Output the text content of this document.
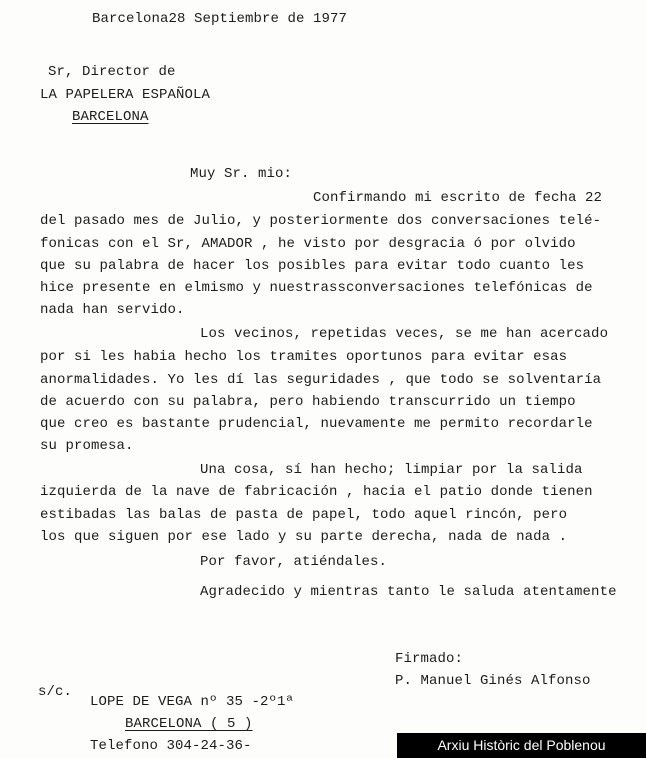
Barcelona28 Septiembre de 1977
Sr, Director de
LA PAPELERA ESPAÑOLA
BARCELONA
Muy Sr. mio:
Confirmando mi escrito de fecha 22
del pasado mes de Julio, y posteriormente dos conversaciones telé-
fonicas con el Sr, AMADOR , he visto por desgracia ó por olvido
que su palabra de hacer los posibles para evitar todo cuanto les
hice presente en elmismo y nuestrassconversaciones telefónicas de
nada han servido.
Los vecinos, repetidas veces, se me han acercado
por si les habia hecho los tramites oportunos para evitar esas
anormalidades. Yo les dí las seguridades , que todo se solventaría
de acuerdo con su palabra, pero habiendo transcurrido un tiempo
que creo es bastante prudencial, nuevamente me permito recordarle
su promesa.
Una cosa, sí han hecho; limpiar por la salida
izquierda de la nave de fabricación , hacia el patio donde tienen
estibadas las balas de pasta de papel, todo aquel rincón, pero
los que siguen por ese lado y su parte derecha, nada de nada .
Por favor, atiéndales.
Agradecido y mientras tanto le saluda atentamente
Firmado:
P. Manuel Ginés Alfonso
s/c.
LOPE DE VEGA nº 35 -2º1ª
BARCELONA ( 5 )
Telefono 304-24-36-	Arxiu Històric del Poblenou
